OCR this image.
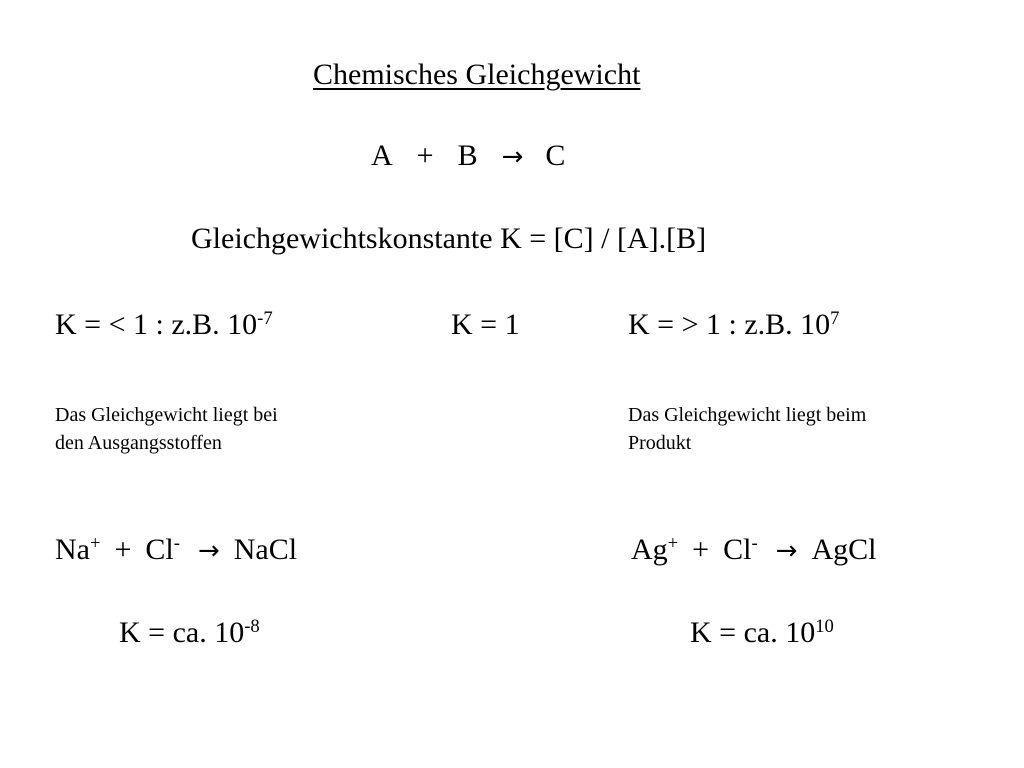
Chemisches Gleichgewicht
A + B → C
Gleichgewichtskonstante K = [C] / [A].[B]
K = < 1 : z.B. $10^{-7}$	K = 1	K = > 1 : z.B. $10^7$
Das Gleichgewicht liegt bei
den Ausgangsstoffen
Das Gleichgewicht liegt beim
Produkt
Na+ + Cl- → NaCl	Ag+ + Cl- → AgCl
K = ca. $10^{-8}$	K = ca. $10^{10}$
